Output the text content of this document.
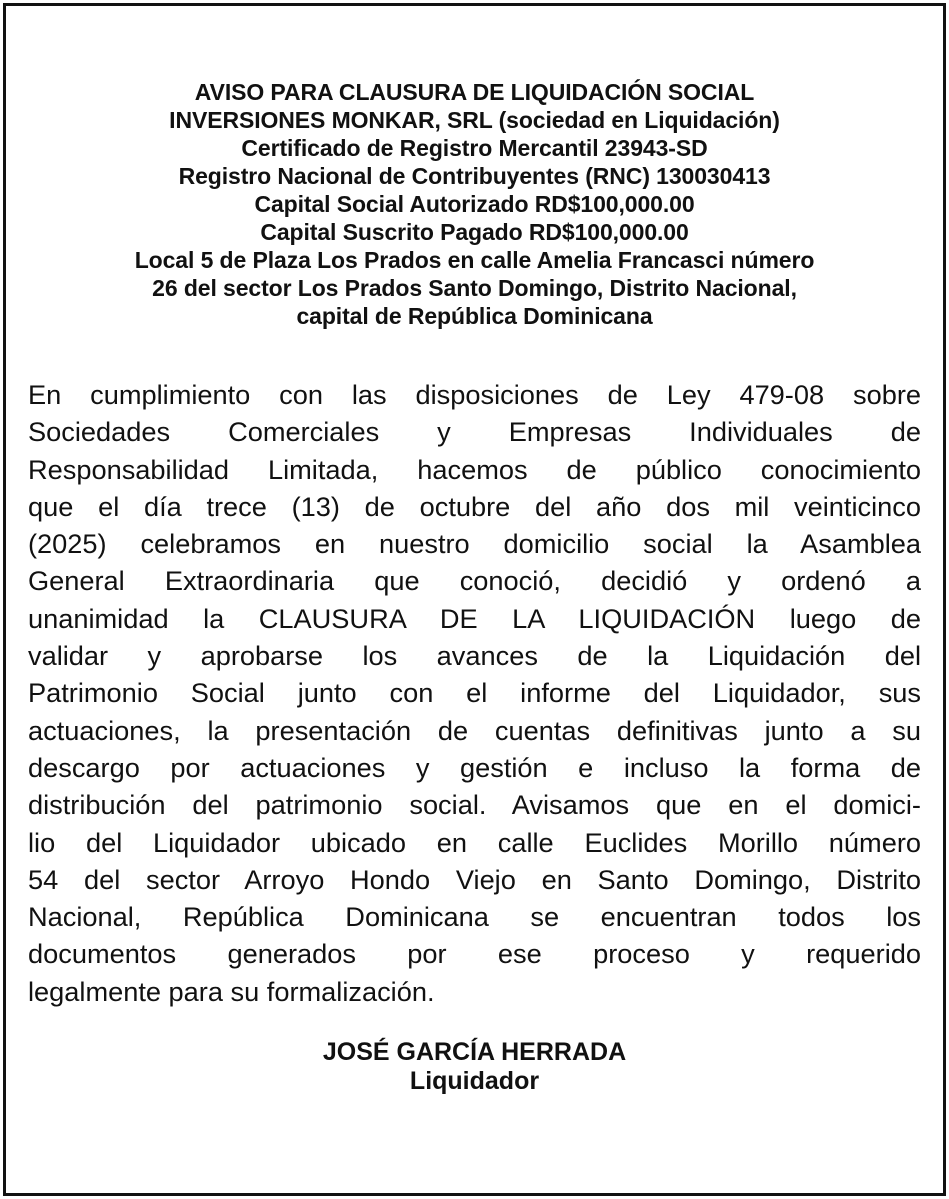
AVISO PARA CLAUSURA DE LIQUIDACIÓN SOCIAL
INVERSIONES MONKAR, SRL (sociedad en Liquidación)
Certificado de Registro Mercantil 23943-SD
Registro Nacional de Contribuyentes (RNC) 130030413
Capital Social Autorizado RD$100,000.00
Capital Suscrito Pagado RD$100,000.00
Local 5 de Plaza Los Prados en calle Amelia Francasci número
26 del sector Los Prados Santo Domingo, Distrito Nacional,
capital de República Dominicana
En cumplimiento con las disposiciones de Ley 479-08 sobre
Sociedades Comerciales y Empresas Individuales de
Responsabilidad Limitada, hacemos de público conocimiento
que el día trece (13) de octubre del año dos mil veinticinco
(2025) celebramos en nuestro domicilio social la Asamblea
General Extraordinaria que conoció, decidió y ordenó a
unanimidad la CLAUSURA DE LA LIQUIDACIÓN luego de
validar y aprobarse los avances de la Liquidación del
Patrimonio Social junto con el informe del Liquidador, sus
actuaciones, la presentación de cuentas definitivas junto a su
descargo por actuaciones y gestión e incluso la forma de
distribución del patrimonio social. Avisamos que en el domici-
lio del Liquidador ubicado en calle Euclides Morillo número
54 del sector Arroyo Hondo Viejo en Santo Domingo, Distrito
Nacional, República Dominicana se encuentran todos los
documentos generados por ese proceso y requerido
legalmente para su formalización.
JOSÉ GARCÍA HERRADA
Liquidador
